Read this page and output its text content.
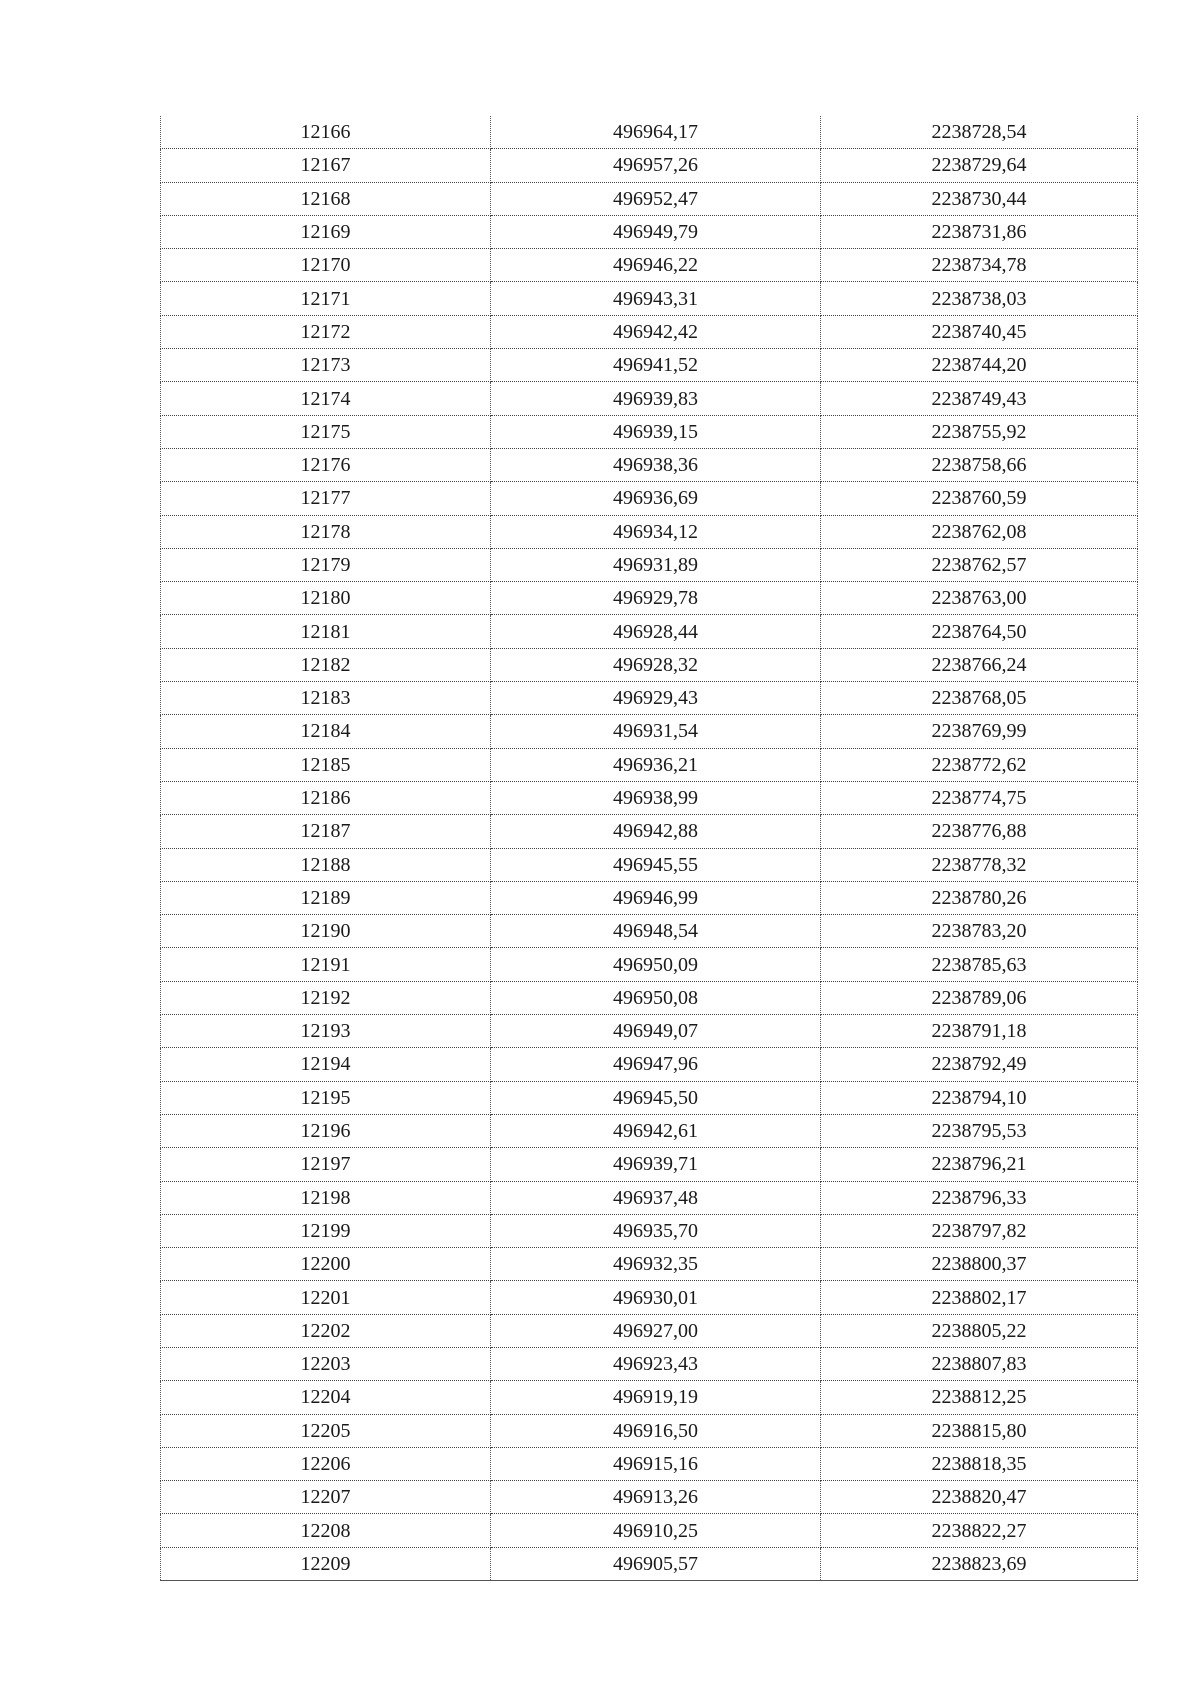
12166	496964,17	2238728,54
12167	496957,26	2238729,64
12168	496952,47	2238730,44
12169	496949,79	2238731,86
12170	496946,22	2238734,78
12171	496943,31	2238738,03
12172	496942,42	2238740,45
12173	496941,52	2238744,20
12174	496939,83	2238749,43
12175	496939,15	2238755,92
12176	496938,36	2238758,66
12177	496936,69	2238760,59
12178	496934,12	2238762,08
12179	496931,89	2238762,57
12180	496929,78	2238763,00
12181	496928,44	2238764,50
12182	496928,32	2238766,24
12183	496929,43	2238768,05
12184	496931,54	2238769,99
12185	496936,21	2238772,62
12186	496938,99	2238774,75
12187	496942,88	2238776,88
12188	496945,55	2238778,32
12189	496946,99	2238780,26
12190	496948,54	2238783,20
12191	496950,09	2238785,63
12192	496950,08	2238789,06
12193	496949,07	2238791,18
12194	496947,96	2238792,49
12195	496945,50	2238794,10
12196	496942,61	2238795,53
12197	496939,71	2238796,21
12198	496937,48	2238796,33
12199	496935,70	2238797,82
12200	496932,35	2238800,37
12201	496930,01	2238802,17
12202	496927,00	2238805,22
12203	496923,43	2238807,83
12204	496919,19	2238812,25
12205	496916,50	2238815,80
12206	496915,16	2238818,35
12207	496913,26	2238820,47
12208	496910,25	2238822,27
12209	496905,57	2238823,69
